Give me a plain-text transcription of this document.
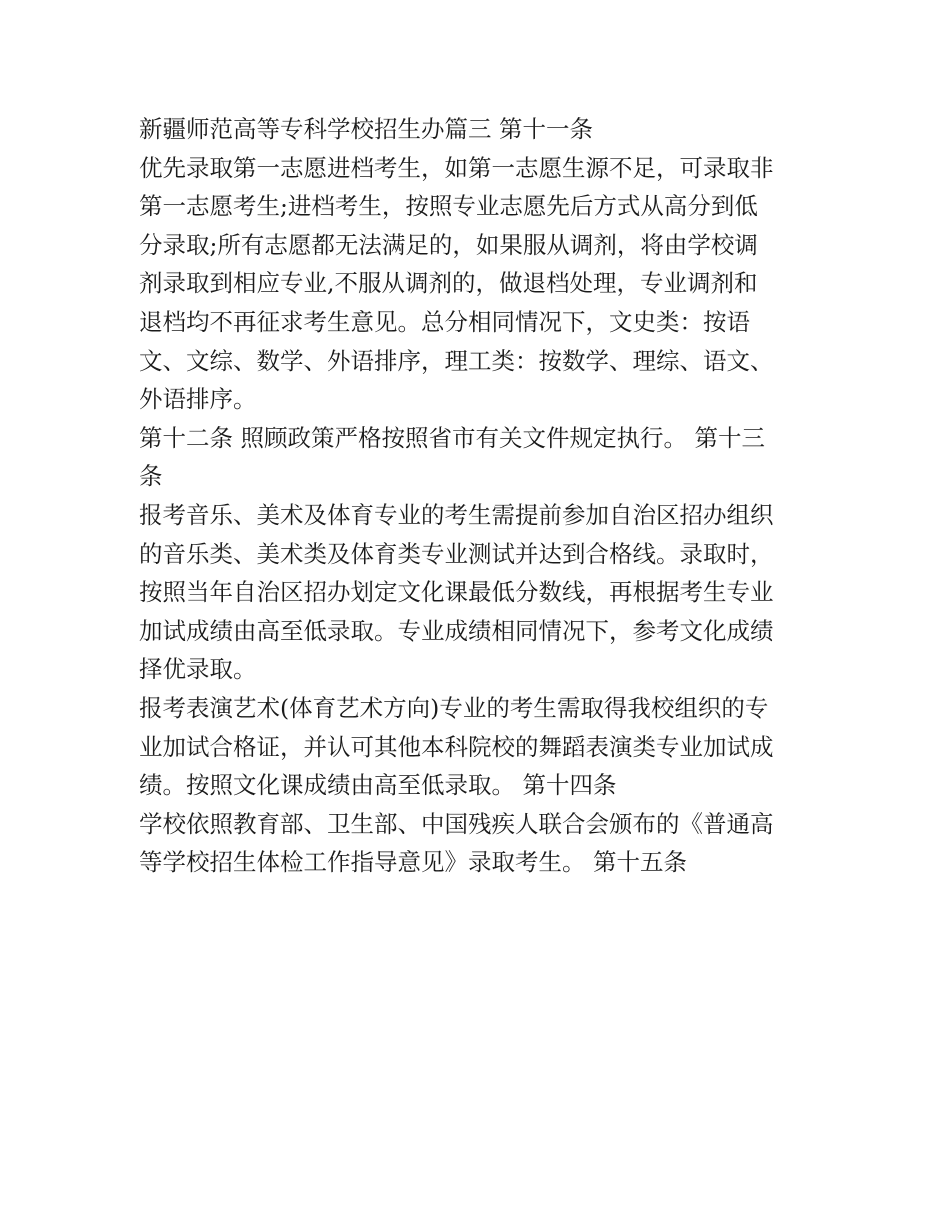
新疆师范高等专科学校招生办篇三 第十一条
优先录取第一志愿进档考生，如第一志愿生源不足，可录取非
第一志愿考生;进档考生，按照专业志愿先后方式从高分到低
分录取;所有志愿都无法满足的，如果服从调剂，将由学校调
剂录取到相应专业,不服从调剂的，做退档处理，专业调剂和
退档均不再征求考生意见。总分相同情况下，文史类：按语
文、文综、数学、外语排序，理工类：按数学、理综、语文、
外语排序。
第十二条 照顾政策严格按照省市有关文件规定执行。 第十三
条
报考音乐、美术及体育专业的考生需提前参加自治区招办组织
的音乐类、美术类及体育类专业测试并达到合格线。录取时，
按照当年自治区招办划定文化课最低分数线，再根据考生专业
加试成绩由高至低录取。专业成绩相同情况下，参考文化成绩
择优录取。
报考表演艺术(体育艺术方向)专业的考生需取得我校组织的专
业加试合格证，并认可其他本科院校的舞蹈表演类专业加试成
绩。按照文化课成绩由高至低录取。 第十四条
学校依照教育部、卫生部、中国残疾人联合会颁布的《普通高
等学校招生体检工作指导意见》录取考生。 第十五条
